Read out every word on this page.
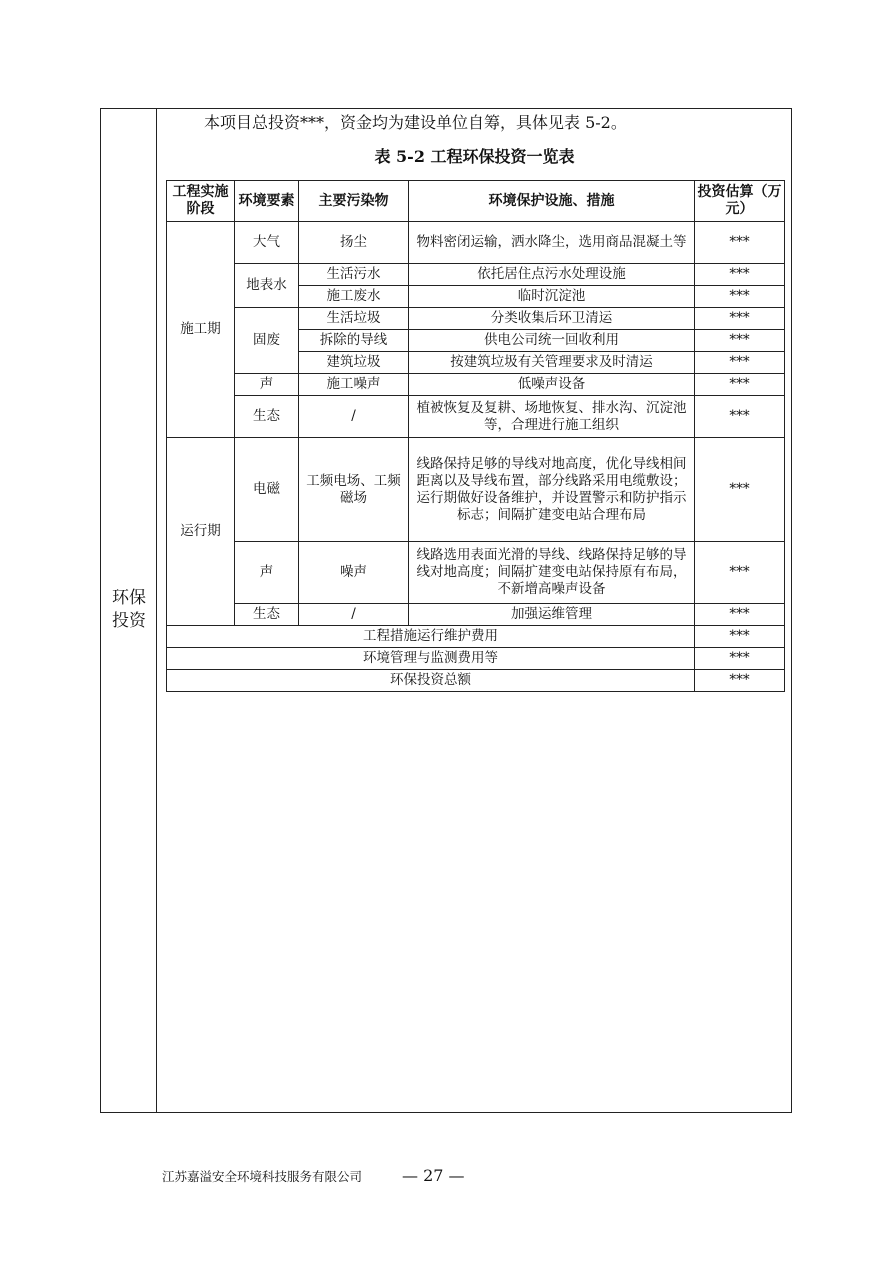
环保投资
本项目总投资***，资金均为建设单位自筹，具体见表 5-2。
表 5-2 工程环保投资一览表
工程实施阶段	环境要素	主要污染物	环境保护设施、措施	投资估算（万元）
施工期	大气	扬尘	物料密闭运输，洒水降尘，选用商品混凝土等	***
	地表水	生活污水	依托居住点污水处理设施	***
		施工废水	临时沉淀池	***
	固废	生活垃圾	分类收集后环卫清运	***
		拆除的导线	供电公司统一回收利用	***
		建筑垃圾	按建筑垃圾有关管理要求及时清运	***
	声	施工噪声	低噪声设备	***
	生态	/	植被恢复及复耕、场地恢复、排水沟、沉淀池等，合理进行施工组织	***
运行期	电磁	工频电场、工频磁场	线路保持足够的导线对地高度，优化导线相间距离以及导线布置，部分线路采用电缆敷设；运行期做好设备维护，并设置警示和防护指示标志；间隔扩建变电站合理布局	***
	声	噪声	线路选用表面光滑的导线、线路保持足够的导线对地高度；间隔扩建变电站保持原有布局，不新增高噪声设备	***
	生态	/	加强运维管理	***
工程措施运行维护费用				***
环境管理与监测费用等				***
环保投资总额				***
江苏嘉溢安全环境科技服务有限公司 — 27 —
